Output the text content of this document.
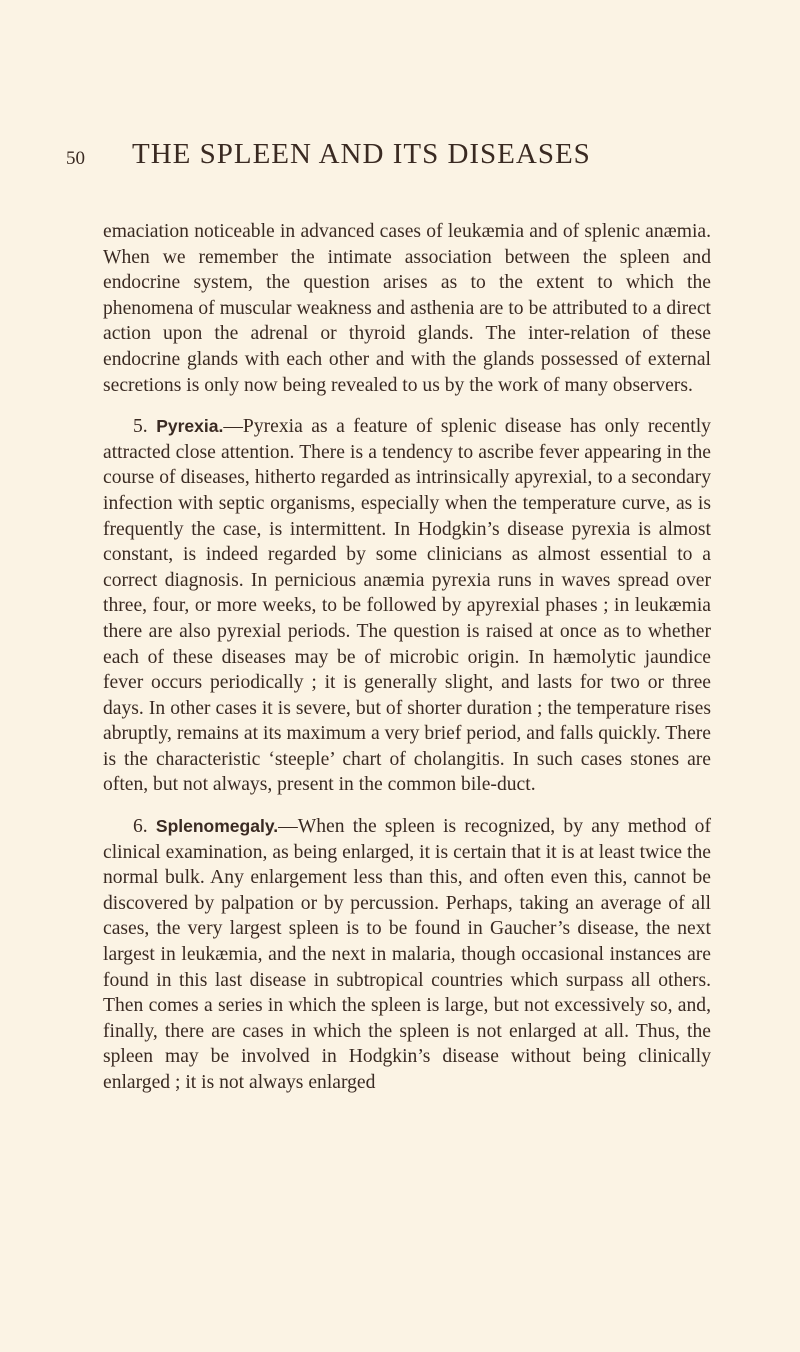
50 THE SPLEEN AND ITS DISEASES

emaciation noticeable in advanced cases of leukæmia and of splenic anæmia. When we remember the intimate association between the spleen and endocrine system, the question arises as to the extent to which the phenomena of muscular weakness and asthenia are to be attributed to a direct action upon the adrenal or thyroid glands. The inter-relation of these endocrine glands with each other and with the glands possessed of external secretions is only now being revealed to us by the work of many observers.

5. Pyrexia.—Pyrexia as a feature of splenic disease has only recently attracted close attention. There is a tendency to ascribe fever appearing in the course of diseases, hitherto regarded as intrinsically apyrexial, to a secondary infection with septic organisms, especially when the temperature curve, as is frequently the case, is intermittent. In Hodgkin’s disease pyrexia is almost constant, is indeed regarded by some clinicians as almost essential to a correct diagnosis. In pernicious anæmia pyrexia runs in waves spread over three, four, or more weeks, to be followed by apyrexial phases ; in leukæmia there are also pyrexial periods. The question is raised at once as to whether each of these diseases may be of microbic origin. In hæmolytic jaundice fever occurs periodically ; it is generally slight, and lasts for two or three days. In other cases it is severe, but of shorter duration ; the temperature rises abruptly, remains at its maximum a very brief period, and falls quickly. There is the characteristic ‘steeple’ chart of cholangitis. In such cases stones are often, but not always, present in the common bile-duct.

6. Splenomegaly.—When the spleen is recognized, by any method of clinical examination, as being enlarged, it is certain that it is at least twice the normal bulk. Any enlargement less than this, and often even this, cannot be discovered by palpation or by percussion. Perhaps, taking an average of all cases, the very largest spleen is to be found in Gaucher’s disease, the next largest in leukæmia, and the next in malaria, though occasional instances are found in this last disease in subtropical countries which surpass all others. Then comes a series in which the spleen is large, but not excessively so, and, finally, there are cases in which the spleen is not enlarged at all. Thus, the spleen may be involved in Hodgkin’s disease without being clinically enlarged ; it is not always enlarged
